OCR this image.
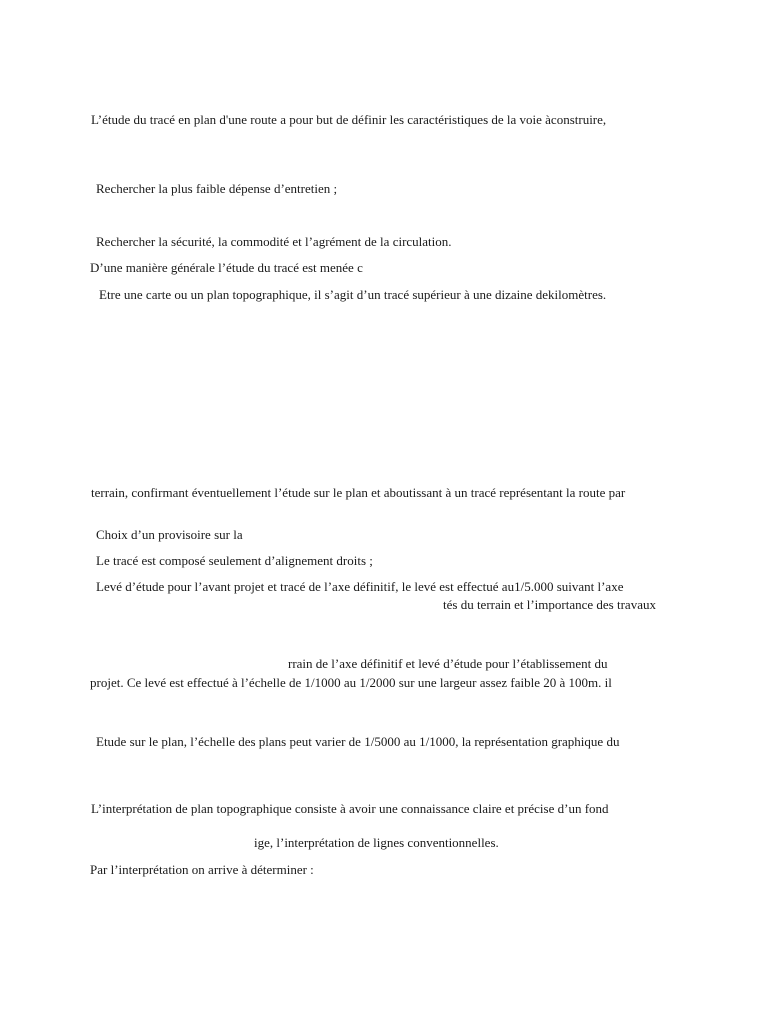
L’étude du tracé en plan d'une route a pour but de définir les caractéristiques de la voie àconstruire,
Rechercher la plus faible dépense d’entretien ;
Rechercher la sécurité, la commodité et l’agrément de la circulation.
D’une manière générale l’étude du tracé est menée c
Etre une carte ou un plan topographique, il s’agit d’un tracé supérieur à une dizaine dekilomètres.
terrain, confirmant éventuellement l’étude sur le plan et aboutissant à un tracé représentant la route par
Choix d’un provisoire sur la
Le tracé est composé seulement d’alignement droits ;
Levé d’étude pour l’avant projet et tracé de l’axe définitif, le levé est effectué au1/5.000 suivant l’axe
tés du terrain et l’importance des travaux
rrain de l’axe définitif et levé d’étude pour l’établissement du
projet. Ce levé est effectué à l’échelle de 1/1000 au 1/2000 sur une largeur assez faible 20 à 100m. il
Etude sur le plan, l’échelle des plans peut varier de 1/5000 au 1/1000, la représentation graphique du
L’interprétation de plan topographique consiste à avoir une connaissance claire et précise d’un fond
ige, l’interprétation de lignes conventionnelles.
Par l’interprétation on arrive à déterminer :
